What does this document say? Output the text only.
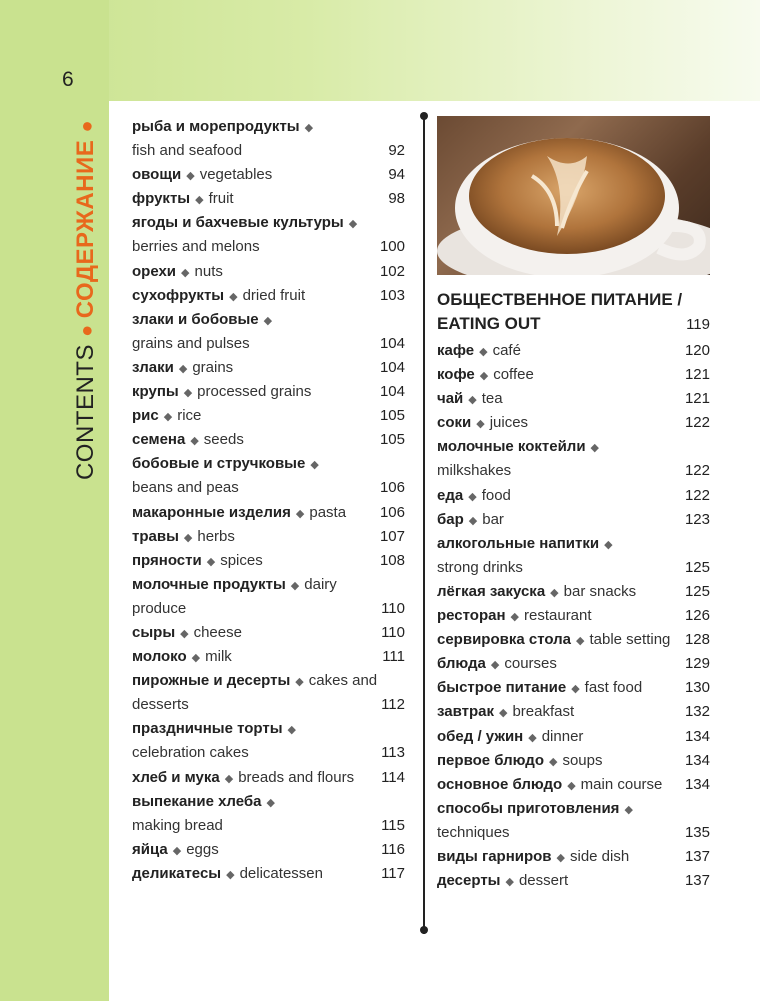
6
CONTENTS ● СОДЕРЖАНИЕ ● рыба и морепродукты ◆
fish and seafood	92
овощи ◆ vegetables	94
фрукты ◆ fruit	98
ягоды и бахчевые культуры ◆
berries and melons	100
орехи ◆ nuts	102
сухофрукты ◆ dried fruit	103
злаки и бобовые ◆
grains and pulses	104
злаки ◆ grains	104
крупы ◆ processed grains	104
рис ◆ rice	105
семена ◆ seeds	105
бобовые и стручковые ◆
beans and peas	106
макаронные изделия ◆ pasta	106
травы ◆ herbs	107
пряности ◆ spices	108
молочные продукты ◆ dairy
produce	110
сыры ◆ cheese	110
молоко ◆ milk	111
пирожные и десерты ◆ cakes and
desserts	112
праздничные торты ◆
celebration cakes	113
хлеб и мука ◆ breads and flours	114
выпекание хлеба ◆
making bread	115
яйца ◆ eggs	116
деликатесы ◆ delicatessen	117
ОБЩЕСТВЕННОЕ ПИТАНИЕ /
EATING OUT	119
кафе ◆ café	120
кофе ◆ coffee	121
чай ◆ tea	121
соки ◆ juices	122
молочные коктейли ◆
milkshakes	122
еда ◆ food	122
бар ◆ bar	123
алкогольные напитки ◆
strong drinks	125
лёгкая закуска ◆ bar snacks	125
ресторан ◆ restaurant	126
сервировка стола ◆ table setting 128
блюда ◆ courses	129
быстрое питание ◆ fast food	130
завтрак ◆ breakfast	132
обед / ужин ◆ dinner	134
первое блюдо ◆ soups	134
основное блюдо ◆ main course	134
способы приготовления ◆
techniques	135
виды гарниров ◆ side dish	137
десерты ◆ dessert	137
